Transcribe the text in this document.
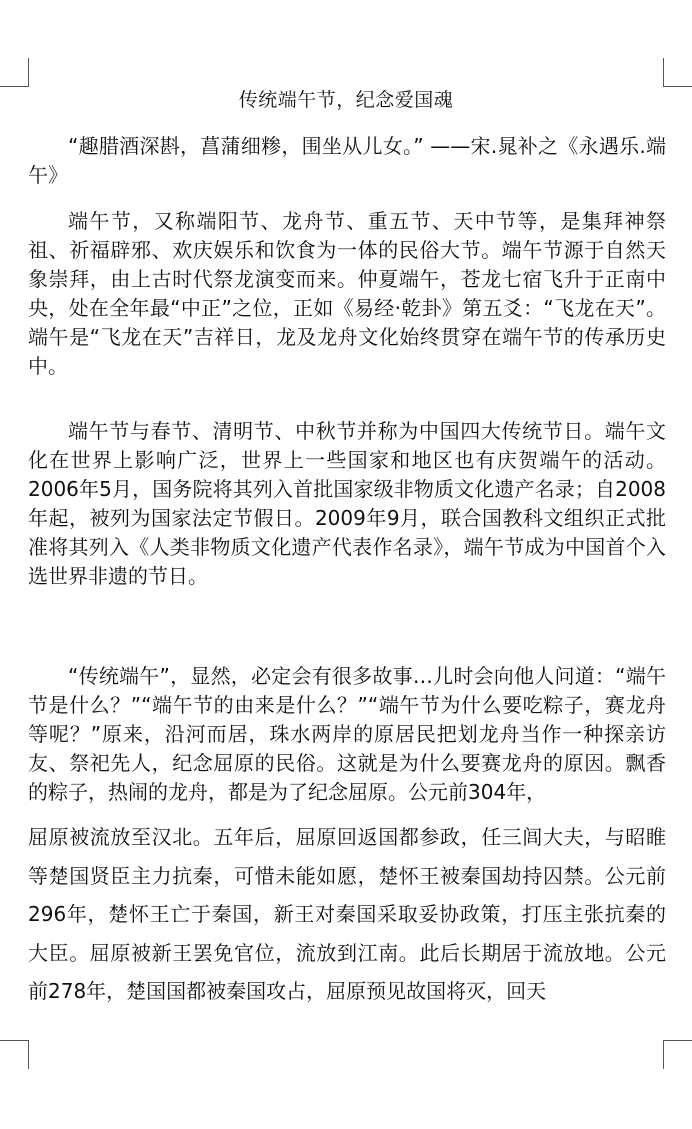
传统端午节，纪念爱国魂

“趣腊酒深斟，菖蒲细糁，围坐从儿女。” ——宋.晁补之《永遇乐.端午》

端午节，又称端阳节、龙舟节、重五节、天中节等，是集拜神祭祖、祈福辟邪、欢庆娱乐和饮食为一体的民俗大节。端午节源于自然天象崇拜，由上古时代祭龙演变而来。仲夏端午，苍龙七宿飞升于正南中央，处在全年最“中正”之位，正如《易经·乾卦》第五爻：“飞龙在天”。端午是“飞龙在天”吉祥日，龙及龙舟文化始终贯穿在端午节的传承历史中。

端午节与春节、清明节、中秋节并称为中国四大传统节日。端午文化在世界上影响广泛，世界上一些国家和地区也有庆贺端午的活动。2006年5月，国务院将其列入首批国家级非物质文化遗产名录；自2008年起，被列为国家法定节假日。2009年9月，联合国教科文组织正式批准将其列入《人类非物质文化遗产代表作名录》，端午节成为中国首个入选世界非遗的节日。

“传统端午”，显然，必定会有很多故事…儿时会向他人问道：“端午节是什么？”“端午节的由来是什么？”“端午节为什么要吃粽子，赛龙舟等呢？”原来，沿河而居，珠水两岸的原居民把划龙舟当作一种探亲访友、祭祀先人，纪念屈原的民俗。这就是为什么要赛龙舟的原因。飘香的粽子，热闹的龙舟，都是为了纪念屈原。公元前304年，

屈原被流放至汉北。五年后，屈原回返国都参政，任三闾大夫，与昭睢等楚国贤臣主力抗秦，可惜未能如愿，楚怀王被秦国劫持囚禁。公元前296年，楚怀王亡于秦国，新王对秦国采取妥协政策，打压主张抗秦的大臣。屈原被新王罢免官位，流放到江南。此后长期居于流放地。公元前278年，楚国国都被秦国攻占，屈原预见故国将灭，回天
